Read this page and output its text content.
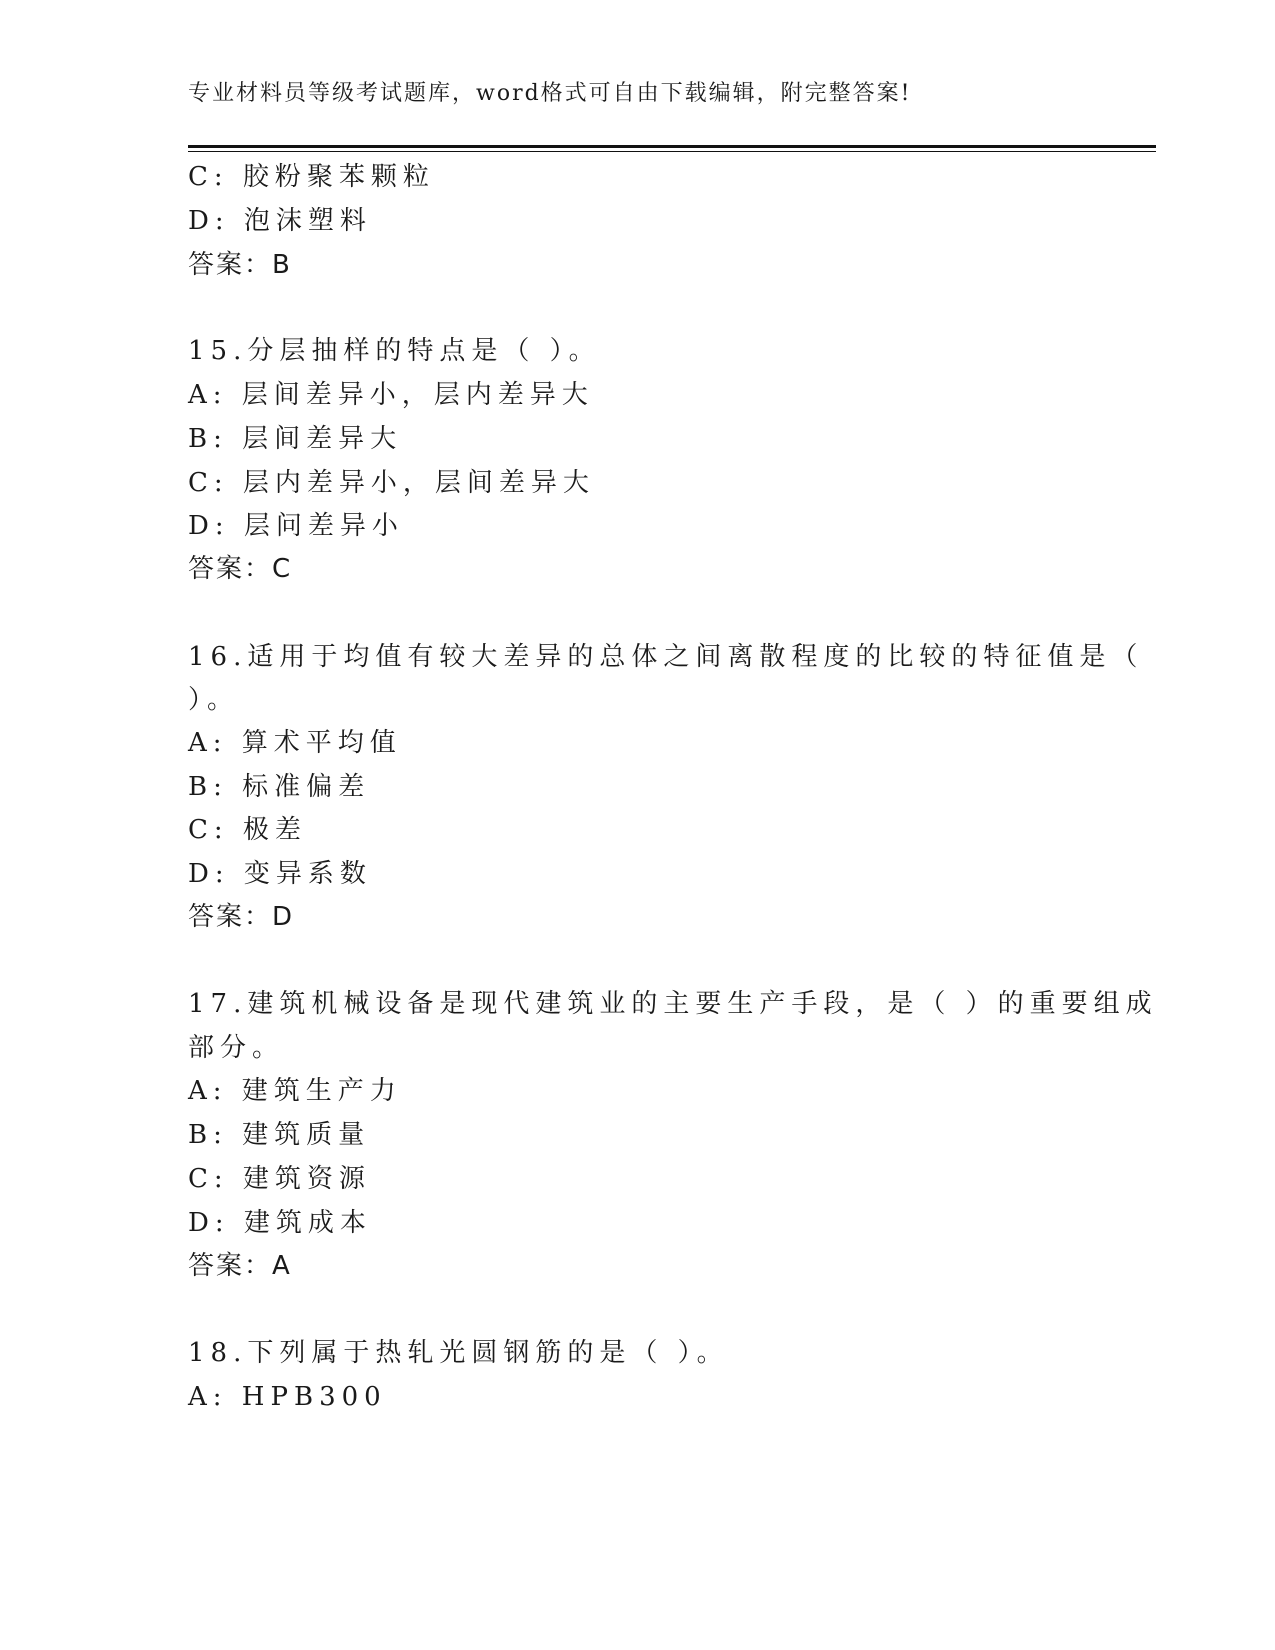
专业材料员等级考试题库，word格式可自由下载编辑，附完整答案!
C: 胶粉聚苯颗粒
D: 泡沫塑料
答案：B
15.分层抽样的特点是（ ）。
A: 层间差异小，层内差异大
B: 层间差异大
C: 层内差异小，层间差异大
D: 层问差异小
答案：C
16.适用于均值有较大差异的总体之间离散程度的比较的特征值是（
）。
A: 算术平均值
B: 标准偏差
C: 极差
D: 变异系数
答案：D
17.建筑机械设备是现代建筑业的主要生产手段，是（ ）的重要组成
部分。
A: 建筑生产力
B: 建筑质量
C: 建筑资源
D: 建筑成本
答案：A
18.下列属于热轧光圆钢筋的是（ ）。
A: HPB300
